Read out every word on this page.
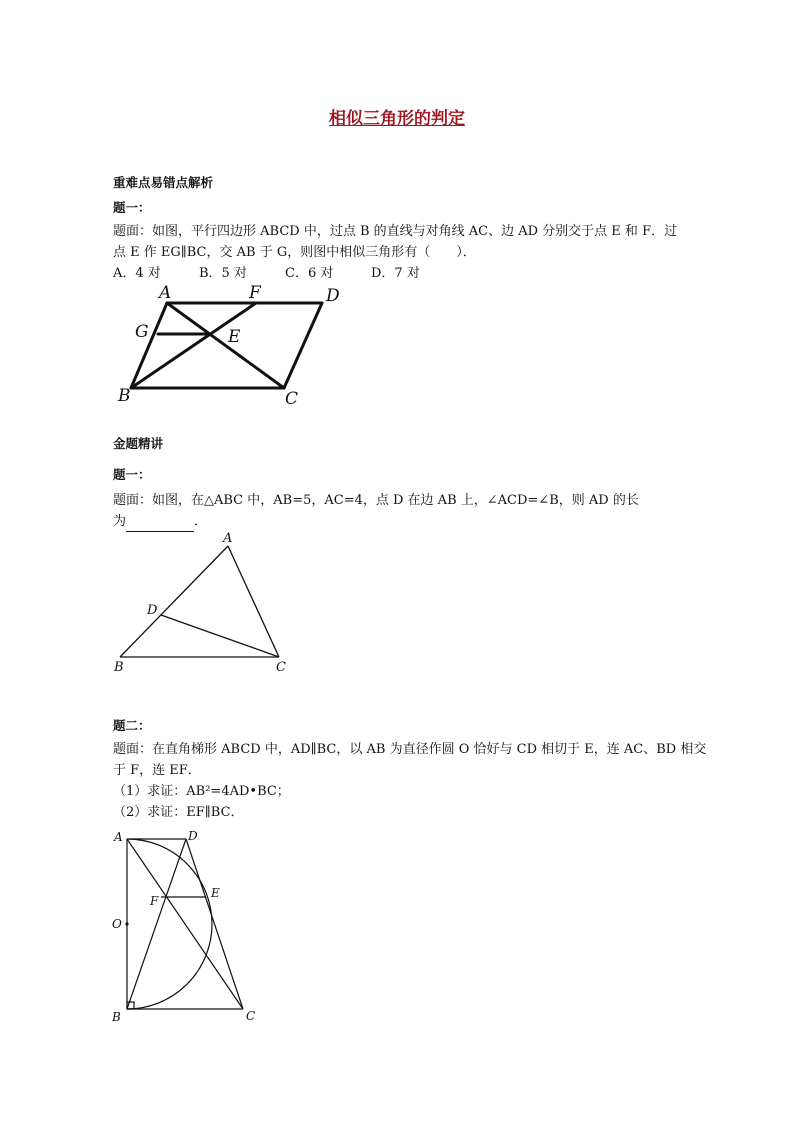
相似三角形的判定
重难点易错点解析
题一：
题面：如图，平行四边形 ABCD 中，过点 B 的直线与对角线 AC、边 AD 分别交于点 E 和 F．过
点 E 作 EG∥BC，交 AB 于 G，则图中相似三角形有（　　）．
A．4 对	B．5 对	C．6 对	D．7 对
A	F	D
G	E
B	C
金题精讲
题一：
题面：如图，在△ABC 中，AB=5，AC=4，点 D 在边 AB 上，∠ACD=∠B，则 AD 的长
为	．
A
D
B	C
题二：
题面：在直角梯形 ABCD 中，AD∥BC，以 AB 为直径作圆 O 恰好与 CD 相切于 E，连 AC、BD 相交
于 F，连 EF．
（1）求证：AB²=4AD•BC；
（2）求证：EF∥BC．
A	D
E
F
O
B	C
